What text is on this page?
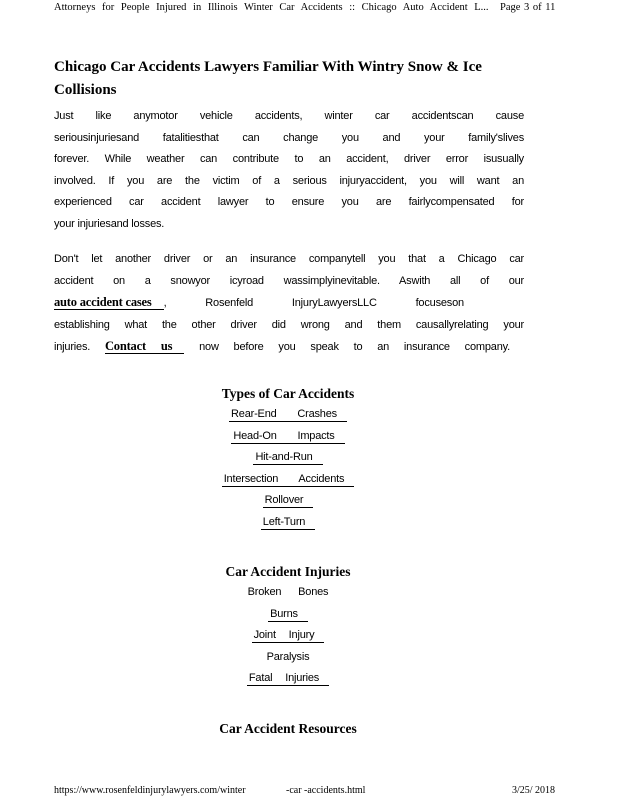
Attorneys for People Injured in Illinois Winter Car Accidents :: Chicago Auto Accident L... Page 3 of 11
Chicago Car Accidents Lawyers Familiar With Wintry Snow & Ice Collisions
Just like anymotor vehicle accidents, winter car accidentscan cause
seriousinjuriesand fatalitiesthat can change you and your family'slives
forever. While weather can contribute to an accident, driver error isusually
involved. If you are the victim of a serious injuryaccident, you will want an
experienced car accident lawyer to ensure you are fairlycompensated for
your injuriesand losses.
Don't let another driver or an insurance companytell you that a Chicago car
accident on a snowyor icyroad wassimplyinevitable. Aswith all of our
auto accident cases , Rosenfeld InjuryLawyersLLC focuseson
establishing what the other driver did wrong and them causallyrelating your
injuries. Contact us now before you speak to an insurance company.
Types of Car Accidents
Rear-End Crashes
Head-On Impacts
Hit-and-Run
Intersection Accidents
Rollover
Left-Turn
Car Accident Injuries
Broken Bones
Burns
Joint Injury
Paralysis
Fatal Injuries
Car Accident Resources
https://www.rosenfeldinjurylawyers.com/winter	-car -accidents.html	3/25/ 2018
